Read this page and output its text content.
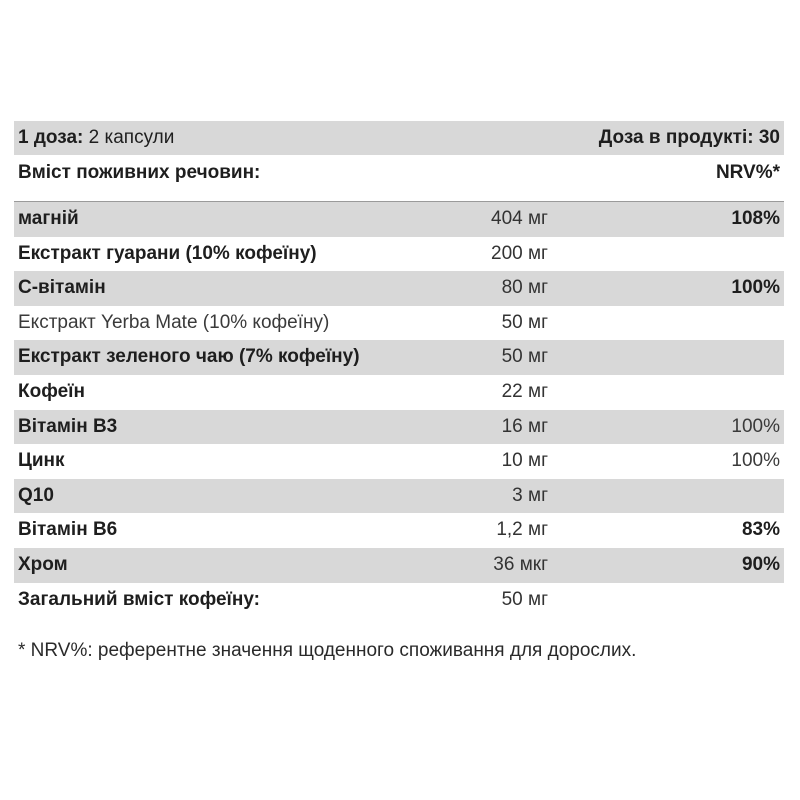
1 доза: 2 капсули	Доза в продукті: 30
Вміст поживних речовин:	NRV%*
магній	404 мг	108%
Екстракт гуарани (10% кофеїну)	200 мг
С-вітамін	80 мг	100%
Екстракт Yerba Mate (10% кофеїну)	50 мг
Екстракт зеленого чаю (7% кофеїну)	50 мг
Кофеїн	22 мг
Вітамін В3	16 мг	100%
Цинк	10 мг	100%
Q10	3 мг
Вітамін В6	1,2 мг	83%
Хром	36 мкг	90%
Загальний вміст кофеїну:	50 мг
* NRV%: референтне значення щоденного споживання для дорослих.
